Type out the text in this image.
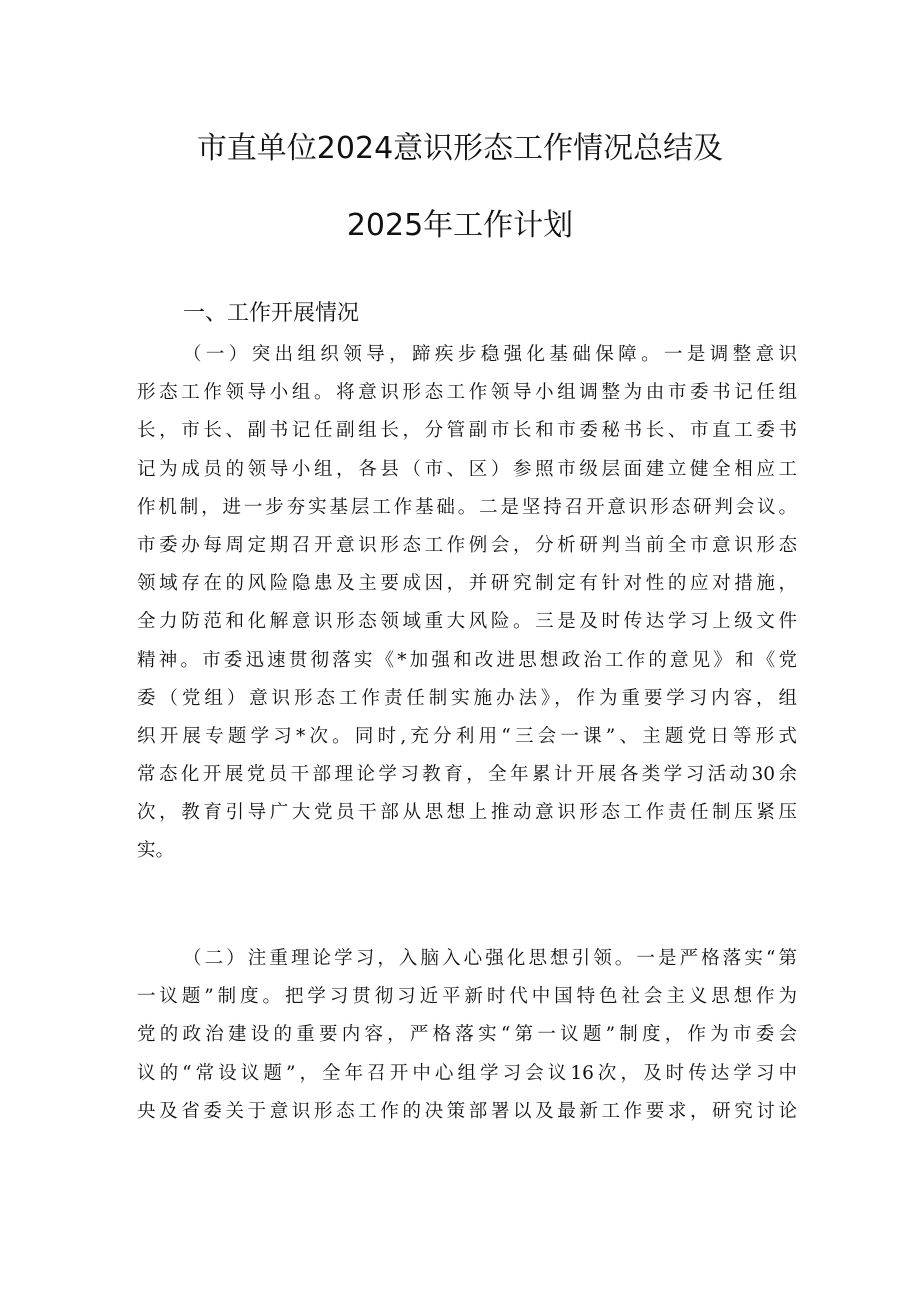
市直单位2024意识形态工作情况总结及
2025年工作计划
一、工作开展情况
（一）突出组织领导，蹄疾步稳强化基础保障。一是调整意识
形态工作领导小组。将意识形态工作领导小组调整为由市委书记任组
长，市长、副书记任副组长，分管副市长和市委秘书长、市直工委书
记为成员的领导小组，各县（市、区）参照市级层面建立健全相应工
作机制，进一步夯实基层工作基础。二是坚持召开意识形态研判会议。
市委办每周定期召开意识形态工作例会，分析研判当前全市意识形态
领域存在的风险隐患及主要成因，并研究制定有针对性的应对措施，
全力防范和化解意识形态领域重大风险。三是及时传达学习上级文件
精神。市委迅速贯彻落实《*加强和改进思想政治工作的意见》和《党
委（党组）意识形态工作责任制实施办法》，作为重要学习内容，组
织开展专题学习*次。同时,充分利用“三会一课”、主题党日等形式
常态化开展党员干部理论学习教育，全年累计开展各类学习活动30余
次，教育引导广大党员干部从思想上推动意识形态工作责任制压紧压
实。
（二）注重理论学习，入脑入心强化思想引领。一是严格落实“第
一议题”制度。把学习贯彻习近平新时代中国特色社会主义思想作为
党的政治建设的重要内容，严格落实“第一议题”制度，作为市委会
议的“常设议题”，全年召开中心组学习会议16次，及时传达学习中
央及省委关于意识形态工作的决策部署以及最新工作要求，研究讨论
